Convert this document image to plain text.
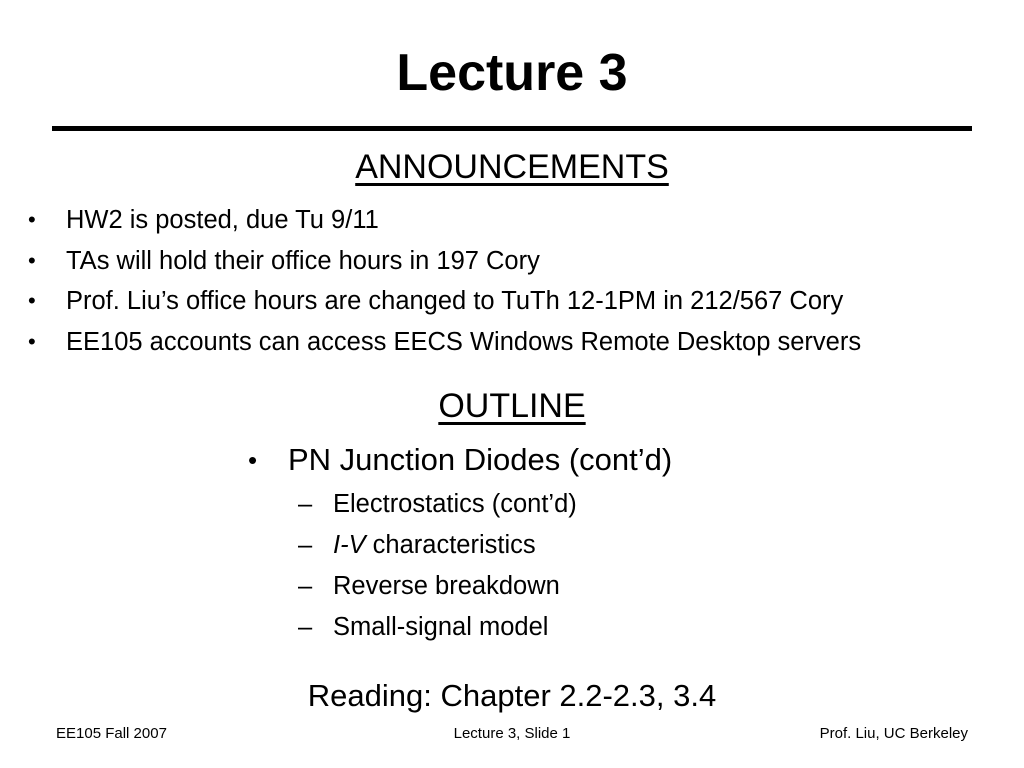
Lecture 3
ANNOUNCEMENTS
• HW2 is posted, due Tu 9/11
• TAs will hold their office hours in 197 Cory
• Prof. Liu’s office hours are changed to TuTh 12-1PM in 212/567 Cory
• EE105 accounts can access EECS Windows Remote Desktop servers
OUTLINE
• PN Junction Diodes (cont’d)
– Electrostatics (cont’d)
– I-V characteristics
– Reverse breakdown
– Small-signal model
Reading: Chapter 2.2-2.3, 3.4
EE105 Fall 2007	Lecture 3, Slide 1	Prof. Liu, UC Berkeley
